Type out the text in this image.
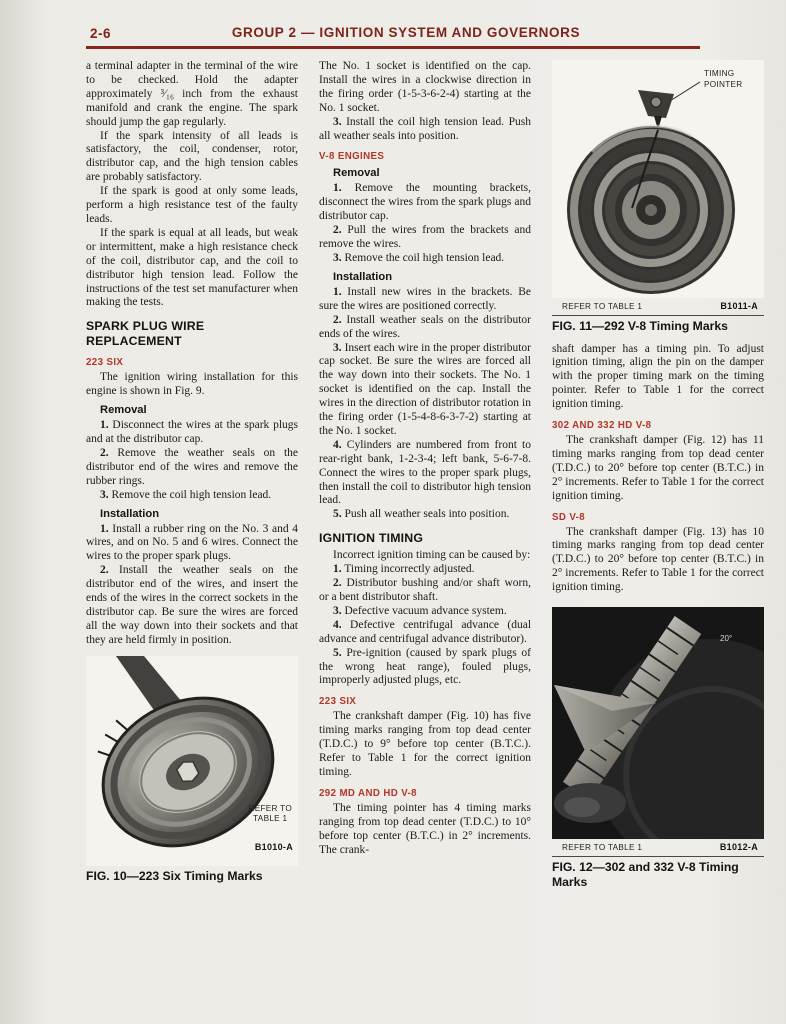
2-6	GROUP 2 — IGNITION SYSTEM AND GOVERNORS

a terminal adapter in the terminal of the wire to be checked. Hold the adapter approximately ³⁄₁₆ inch from the exhaust manifold and crank the engine. The spark should jump the gap regularly.

If the spark intensity of all leads is satisfactory, the coil, condenser, rotor, distributor cap, and the high tension cables are probably satisfactory.

If the spark is good at only some leads, perform a high resistance test of the faulty leads.

If the spark is equal at all leads, but weak or intermittent, make a high resistance check of the coil, distributor cap, and the coil to distributor high tension lead. Follow the instructions of the test set manufacturer when making the tests.

SPARK PLUG WIRE REPLACEMENT
223 SIX

The ignition wiring installation for this engine is shown in Fig. 9.

Removal

1. Disconnect the wires at the spark plugs and at the distributor cap.

2. Remove the weather seals on the distributor end of the wires and remove the rubber rings.

3. Remove the coil high tension lead.

Installation

1. Install a rubber ring on the No. 3 and 4 wires, and on No. 5 and 6 wires. Connect the wires to the proper spark plugs.

2. Install the weather seals on the distributor end of the wires, and insert the ends of the wires in the correct sockets in the distributor cap. Be sure the wires are forced all the way down into their sockets and that they are held firmly in position.

REFER TO
TABLE 1
B1010-A
FIG. 10—223 Six Timing Marks

The No. 1 socket is identified on the cap. Install the wires in a clockwise direction in the firing order (1-5-3-6-2-4) starting at the No. 1 socket.

3. Install the coil high tension lead. Push all weather seals into position.

V-8 ENGINES
Removal

1. Remove the mounting brackets, disconnect the wires from the spark plugs and distributor cap.

2. Pull the wires from the brackets and remove the wires.

3. Remove the coil high tension lead.

Installation

1. Install new wires in the brackets. Be sure the wires are positioned correctly.

2. Install weather seals on the distributor ends of the wires.

3. Insert each wire in the proper distributor cap socket. Be sure the wires are forced all the way down into their sockets. The No. 1 socket is identified on the cap. Install the wires in the direction of distributor rotation in the firing order (1-5-4-8-6-3-7-2) starting at the No. 1 socket.

4. Cylinders are numbered from front to rear-right bank, 1-2-3-4; left bank, 5-6-7-8. Connect the wires to the proper spark plugs, then install the coil to distributor high tension lead.

5. Push all weather seals into position.

IGNITION TIMING

Incorrect ignition timing can be caused by:

1. Timing incorrectly adjusted.

2. Distributor bushing and/or shaft worn, or a bent distributor shaft.

3. Defective vacuum advance system.

4. Defective centrifugal advance (dual advance and centrifugal advance distributor).

5. Pre-ignition (caused by spark plugs of the wrong heat range), fouled plugs, improperly adjusted plugs, etc.

223 SIX

The crankshaft damper (Fig. 10) has five timing marks ranging from top dead center (T.D.C.) to 9° before top center (B.T.C.). Refer to Table 1 for the correct ignition timing.

292 MD AND HD V-8

The timing pointer has 4 timing marks ranging from top dead center (T.D.C.) to 10° before top center (B.T.C.) in 2° increments. The crank-

TIMING POINTER
REFER TO TABLE 1	B1011-A
FIG. 11—292 V-8 Timing Marks

shaft damper has a timing pin. To adjust ignition timing, align the pin on the damper with the proper timing mark on the timing pointer. Refer to Table 1 for the correct ignition timing.

302 AND 332 HD V-8

The crankshaft damper (Fig. 12) has 11 timing marks ranging from top dead center (T.D.C.) to 20° before top center (B.T.C.) in 2° increments. Refer to Table 1 for the correct ignition timing.

SD V-8

The crankshaft damper (Fig. 13) has 10 timing marks ranging from top dead center (T.D.C.) to 20° before top center (B.T.C.) in 2° increments. Refer to Table 1 for the correct ignition timing.

20°
REFER TO TABLE 1	B1012-A
FIG. 12—302 and 332 V-8 Timing Marks
